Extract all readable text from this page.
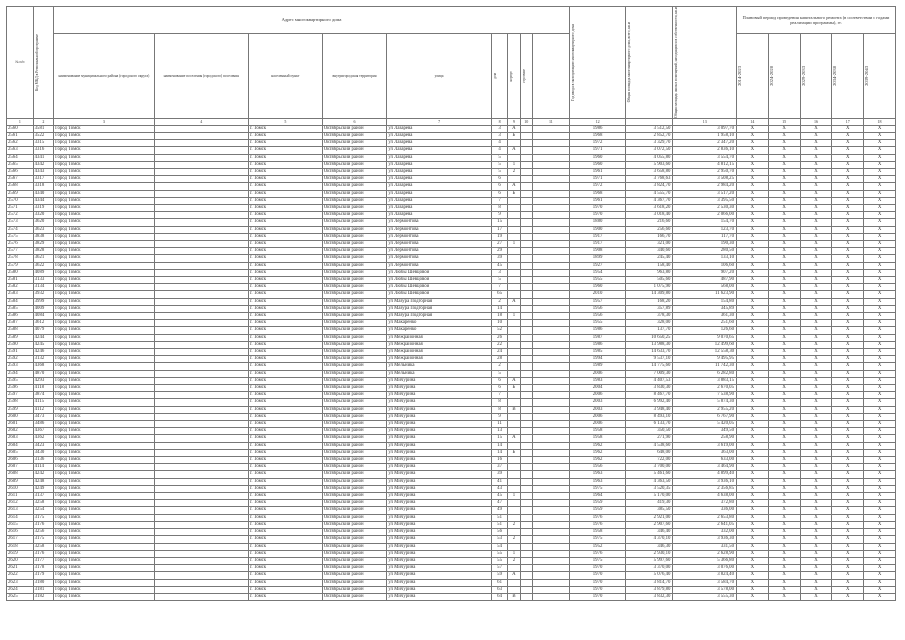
№ п/п	Код МКД в Региональной программе	Адрес многоквартирного дома									Год ввода в эксплуатацию многоквартирного дома	Общая площадь многоквартирного дома, всего, кв.м	Общая площадь жилых помещений, находящихся в собственности, кв.м	Плановый период проведения капитального ремонта (в соответствии с годами реализации программы), гг.				
		наименование муниципального района (городского округа)	наименование поселения (городского) поселения	населенный пункт	внутригородская территория	улица	дом	корпус	строение					2014-2023	2024-2028	2029-2033	2034-2038	2039-2043

1	2	3	4	5	6	7	8	9	10	11	12		13	14	15	16	17	18
2560	3581	Город Томск		г. Томск	Октябрьский район	ул Лазарева	3	А			1986	3 512,50	3 097,70	X	X	X	X	X
2561	3522	Город Томск		г. Томск	Октябрьский район	ул Лазарева	3	Б			1968	2 852,70	1 958,10	X	X	X	X	X
2562	3315	Город Томск		г. Томск	Октябрьский район	ул Лазарева	4				1972	3 329,70	2 347,20	X	X	X	X	X
2563	3316	Город Томск		г. Томск	Октябрьский район	ул Лазарева	4	А			1971	3 072,50	2 836,10	X	X	X	X	X
2564	4341	Город Томск		г. Томск	Октябрьский район	ул Лазарева	5				1960	4 055,80	3 554,70	X	X	X	X	X
2565	4342	Город Томск		г. Томск	Октябрьский район	ул Лазарева	5	1			1960	5 903,60	4 812,15	X	X	X	X	X
2566	4343	Город Томск		г. Томск	Октябрьский район	ул Лазарева	5	2			1961	3 658,80	2 950,70	X	X	X	X	X
2567	3317	Город Томск		г. Томск	Октябрьский район	ул Лазарева	6				1971	3 768,63	3 508,25	X	X	X	X	X
2568	3318	Город Томск		г. Томск	Октябрьский район	ул Лазарева	6	А			1972	3 824,70	2 984,20	X	X	X	X	X
2569	4340	Город Томск		г. Томск	Октябрьский район	ул Лазарева	6	Б			1968	4 555,70	3 517,20	X	X	X	X	X
2570	4344	Город Томск		г. Томск	Октябрьский район	ул Лазарева	7				1961	4 367,70	3 395,50	X	X	X	X	X
2571	3319	Город Томск		г. Томск	Октябрьский район	ул Лазарева	8				1970	3 618,20	2 530,30	X	X	X	X	X
2572	3320	Город Томск		г. Томск	Октябрьский район	ул Лазарева	9				1970	3 018,40	2 066,00	X	X	X	X	X
2573	3620	Город Томск		г. Томск	Октябрьский район	ул Лермонтова	15				1880	216,60	154,70	X	X	X	X	X
2574	3623	Город Томск		г. Томск	Октябрьский район	ул Лермонтова	17				1900	256,60	123,70	X	X	X	X	X
2575	3838	Город Томск		г. Томск	Октябрьский район	ул Лермонтова	19				1917	166,70	117,70	X	X	X	X	X
2576	3829	Город Томск		г. Томск	Октябрьский район	ул Лермонтова	27	1			1917	321,00	190,30	X	X	X	X	X
2577	3828	Город Томск		г. Томск	Октябрьский район	ул Лермонтова	29				1908	340,60	280,50	X	X	X	X	X
2578	3621	Город Томск		г. Томск	Октябрьский район	ул Лермонтова	39				1899	245,40	133,10	X	X	X	X	X
2579	3622	Город Томск		г. Томск	Октябрьский район	ул Лермонтова	45				1927	158,40	106,60	X	X	X	X	X
2580	4089	Город Томск		г. Томск	Октябрьский район	ул Любы Шевцовой	3				1954	963,80	907,20	X	X	X	X	X
2581	3133	Город Томск		г. Томск	Октябрьский район	ул Любы Шевцовой	5				1955	505,60	487,90	X	X	X	X	X
2582	3134	Город Томск		г. Томск	Октябрьский район	ул Любы Шевцовой	7				1960	1 075,90	568,00	X	X	X	X	X
2583	3932	Город Томск		г. Томск	Октябрьский район	ул Любы Шевцовой	65				2010	14 309,80	11 623,90	X	X	X	X	X
2584	3999	Город Томск		г. Томск	Октябрьский район	ул Мазура Подгорная	2	А			1957	168,20	154,80	X	X	X	X	X
2585	4009	Город Томск		г. Томск	Октябрьский район	ул Мазура Подгорная	14				1956	357,89	345,89	X	X	X	X	X
2586	4084	Город Томск		г. Томск	Октябрьский район	ул Мазура Подгорная	18	1			1956	378,30	361,30	X	X	X	X	X
2587	3612	Город Томск		г. Томск	Октябрьский район	ул Макаренко	10				1955	328,00	251,60	X	X	X	X	X
2588	4079	Город Томск		г. Томск	Октябрьский район	ул Макаренко	52				1986	137,70	126,60	X	X	X	X	X
2589	4244	Город Томск		г. Томск	Октябрьский район	ул Межрайонная	26				1987	10 650,25	9 070,65	X	X	X	X	X
2590	4245	Город Томск		г. Томск	Октябрьский район	ул Межрайонная	22				1986	13 988,30	12 499,60	X	X	X	X	X
2591	4246	Город Томск		г. Томск	Октябрьский район	ул Межрайонная	24				1985	14 633,70	12 558,30	X	X	X	X	X
2592	3132	Город Томск		г. Томск	Октябрьский район	ул Межрайонная	28				1994	9 537,10	9 495,95	X	X	X	X	X
2593	4368	Город Томск		г. Томск	Октябрьский район	ул Мельника	2				1989	14 775,60	11 742,30	X	X	X	X	X
2594	4870	Город Томск		г. Томск	Октябрьский район	ул Мельника	5				2006	7 009,30	6 282,80	X	X	X	X	X
2595	4293	Город Томск		г. Томск	Октябрьский район	ул Мичурина	6	А			1983	4 407,53	3 883,15	X	X	X	X	X
2596	4118	Город Томск		г. Томск	Октябрьский район	ул Мичурина	6	Б			2004	3 830,30	2 670,05	X	X	X	X	X
2597	3874	Город Томск		г. Томск	Октябрьский район	ул Мичурина	7				2006	8 467,70	7 538,90	X	X	X	X	X
2598	4115	Город Томск		г. Томск	Октябрьский район	ул Мичурина	8				2003	6 992,40	5 874,30	X	X	X	X	X
2599	4112	Город Томск		г. Томск	Октябрьский район	ул Мичурина	8	В			2003	3 948,40	2 955,20	X	X	X	X	X
2600	3473	Город Томск		г. Томск	Октябрьский район	ул Мичурина	9				2006	8 493,10	6 767,90	X	X	X	X	X
2601	3486	Город Томск		г. Томск	Октябрьский район	ул Мичурина	11				2006	6 133,70	5 420,05	X	X	X	X	X
2602	4367	Город Томск		г. Томск	Октябрьский район	ул Мичурина	13				1958	350,50	349,50	X	X	X	X	X
2603	4362	Город Томск		г. Томск	Октябрьский район	ул Мичурина	15	А			1958	271,90	258,90	X	X	X	X	X
2604	3423	Город Томск		г. Томск	Октябрьский район	ул Мичурина	14				1962	4 538,60	3 619,00	X	X	X	X	X
2605	3430	Город Томск		г. Томск	Октябрьский район	ул Мичурина	14	Б			1962	648,00	363,00	X	X	X	X	X
2606	3136	Город Томск		г. Томск	Октябрьский район	ул Мичурина	16				1962	722,00	633,00	X	X	X	X	X
2607	4114	Город Томск		г. Томск	Октябрьский район	ул Мичурина	37				1956	3 700,00	3 464,90	X	X	X	X	X
2608	4242	Город Томск		г. Томск	Октябрьский район	ул Мичурина	39				1963	5 461,60	4 899,40	X	X	X	X	X
2609	4248	Город Томск		г. Томск	Октябрьский район	ул Мичурина	41				1963	4 363,50	3 936,10	X	X	X	X	X
2610	4249	Город Томск		г. Томск	Октябрьский район	ул Мичурина	43				1975	3 520,35	2 356,85	X	X	X	X	X
2611	3137	Город Томск		г. Томск	Октябрьский район	ул Мичурина	45	1			1964	5 170,00	4 638,00	X	X	X	X	X
2612	3258	Город Томск		г. Томск	Октябрьский район	ул Мичурина	47				1959	419,30	372,80	X	X	X	X	X
2613	3254	Город Томск		г. Томск	Октябрьский район	ул Мичурина	49				1959	385,50	336,00	X	X	X	X	X
2614	3175	Город Томск		г. Томск	Октябрьский район	ул Мичурина	51				1976	2 921,00	2 653,80	X	X	X	X	X
2615	3176	Город Томск		г. Томск	Октябрьский район	ул Мичурина	51	2			1976	2 907,60	2 641,05	X	X	X	X	X
2616	3256	Город Томск		г. Томск	Октябрьский район	ул Мичурина	56				1958	346,40	332,00	X	X	X	X	X
2617	3175	Город Томск		г. Томск	Октябрьский район	ул Мичурина	53	2			1975	4 370,10	3 936,30	X	X	X	X	X
2618	3258	Город Томск		г. Томск	Октябрьский район	ул Мичурина	54				1952	346,30	331,50	X	X	X	X	X
2619	3176	Город Томск		г. Томск	Октябрьский район	ул Мичурина	55	1			1976	2 930,10	2 628,90	X	X	X	X	X
2620	3177	Город Томск		г. Томск	Октябрьский район	ул Мичурина	55	2			1975	5 997,60	5 366,80	X	X	X	X	X
2621	3178	Город Томск		г. Томск	Октябрьский район	ул Мичурина	57				1970	3 370,00	3 076,00	X	X	X	X	X
2622	3179	Город Томск		г. Томск	Октябрьский район	ул Мичурина	59	А			1970	5 076,40	3 824,40	X	X	X	X	X
2623	3180	Город Томск		г. Томск	Октябрьский район	ул Мичурина	61				1970	3 814,70	3 584,70	X	X	X	X	X
2624	3181	Город Томск		г. Томск	Октябрьский район	ул Мичурина	63				1970	3 879,80	3 578,00	X	X	X	X	X
2625	3182	Город Томск		г. Томск	Октябрьский район	ул Мичурина	64	В			1970	3 832,30	3 555,30	X	X	X	X	X
